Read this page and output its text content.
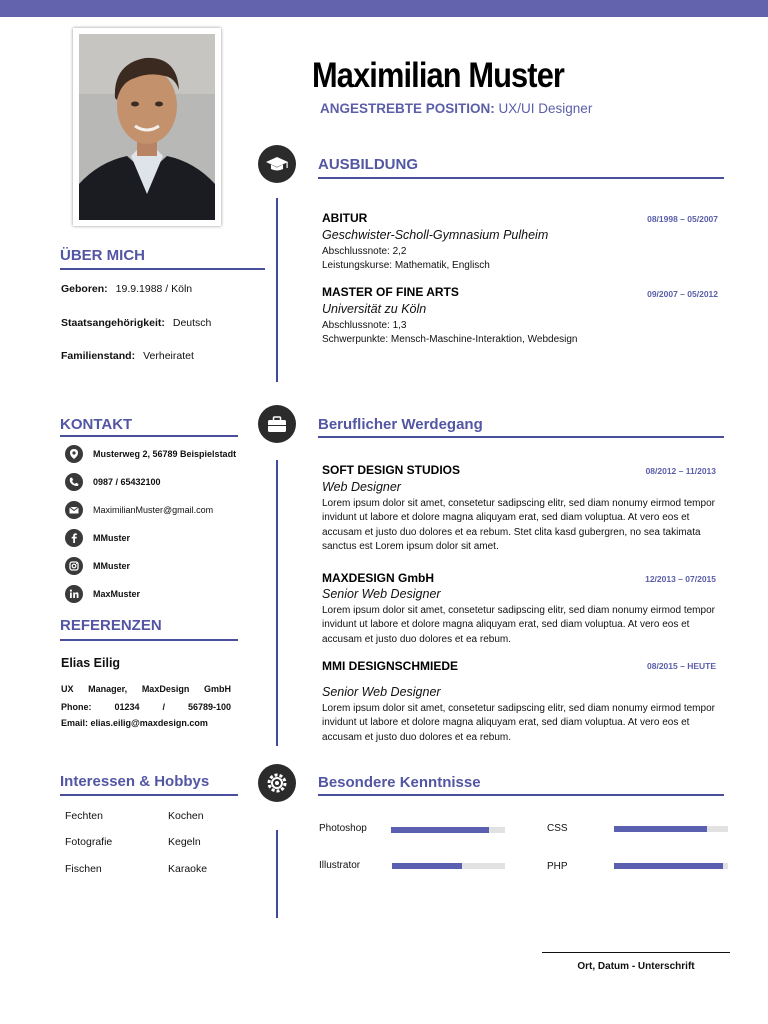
Maximilian Muster
ANGESTREBTE POSITION: UX/UI Designer
ÜBER MICH
Geboren: 19.9.1988 / Köln
Staatsangehörigkeit: Deutsch
Familienstand: Verheiratet
KONTAKT
Musterweg 2, 56789 Beispielstadt
0987 / 65432100
MaximilianMuster@gmail.com
MMuster
MMuster
MaxMuster
REFERENZEN
Elias Eilig
UX Manager, MaxDesign GmbH
Phone:	01234	/	56789-100
Email: elias.eilig@maxdesign.com
Interessen & Hobbys
Fechten	Kochen
Fotografie	Kegeln
Fischen	Karaoke
AUSBILDUNG
ABITUR	08/1998 – 05/2007
Geschwister-Scholl-Gymnasium Pulheim
Abschlussnote: 2,2
Leistungskurse: Mathematik, Englisch
MASTER OF FINE ARTS	09/2007 – 05/2012
Universität zu Köln
Abschlussnote: 1,3
Schwerpunkte: Mensch-Maschine-Interaktion, Webdesign
Beruflicher Werdegang
SOFT DESIGN STUDIOS	08/2012 – 11/2013
Web Designer
Lorem ipsum dolor sit amet, consetetur sadipscing elitr, sed diam nonumy eirmod tempor invidunt ut labore et dolore magna aliquyam erat, sed diam voluptua. At vero eos et accusam et justo duo dolores et ea rebum. Stet clita kasd gubergren, no sea takimata sanctus est Lorem ipsum dolor sit amet.
MAXDESIGN GmbH	12/2013 – 07/2015
Senior Web Designer
Lorem ipsum dolor sit amet, consetetur sadipscing elitr, sed diam nonumy eirmod tempor invidunt ut labore et dolore magna aliquyam erat, sed diam voluptua. At vero eos et accusam et justo duo dolores et ea rebum.
MMI DESIGNSCHMIEDE	08/2015 – HEUTE
Senior Web Designer
Lorem ipsum dolor sit amet, consetetur sadipscing elitr, sed diam nonumy eirmod tempor invidunt ut labore et dolore magna aliquyam erat, sed diam voluptua. At vero eos et accusam et justo duo dolores et ea rebum.
Besondere Kenntnisse
Photoshop	CSS
Illustrator	PHP
Ort, Datum - Unterschrift
